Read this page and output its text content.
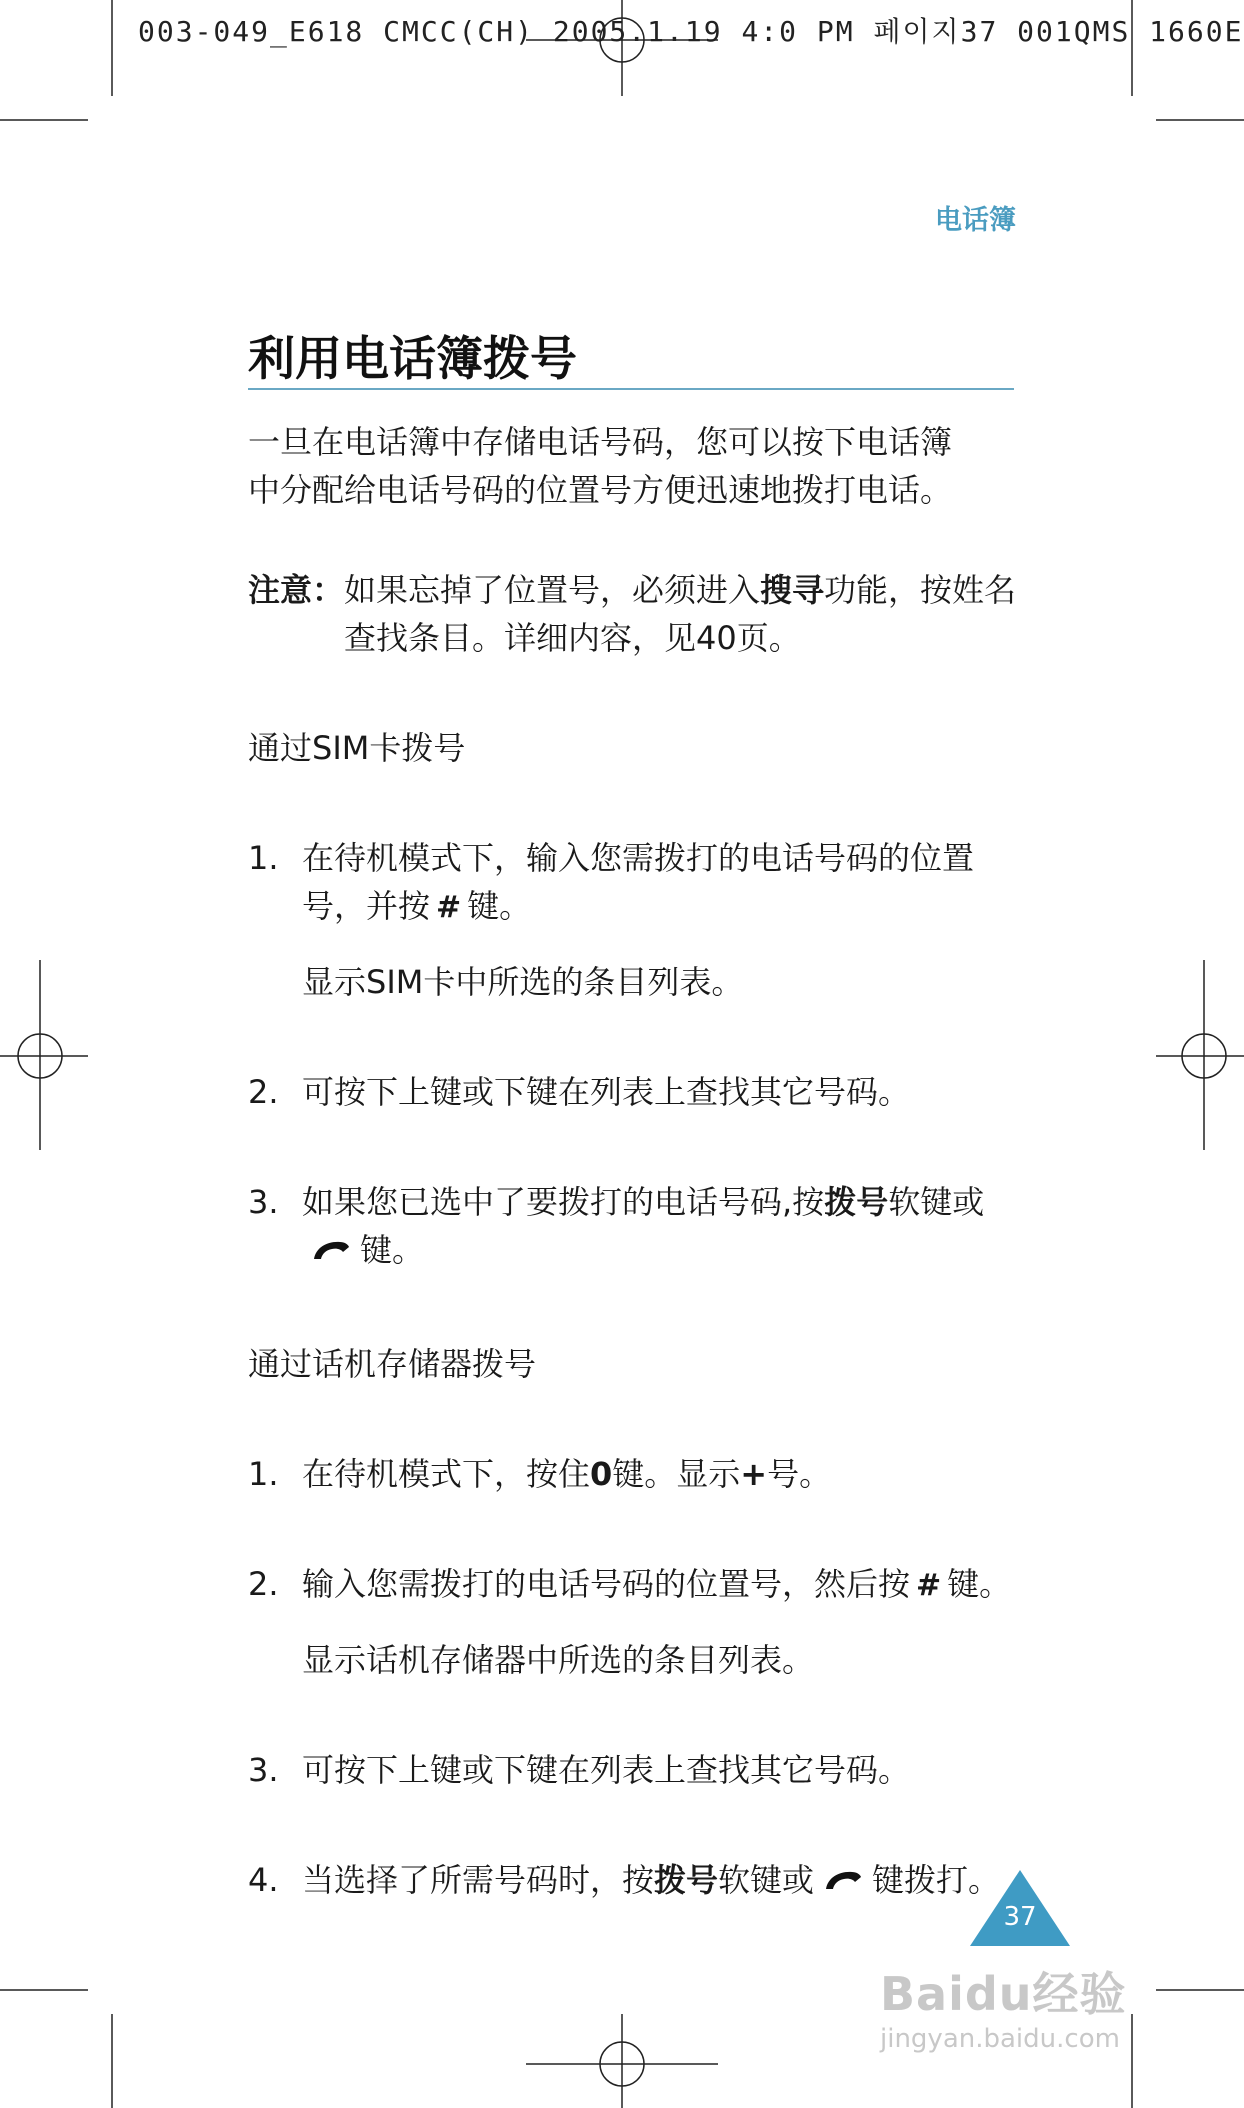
003-049_E618 CMCC(CH) 2005.1.19 4:0 PM 페이지37 001QMS 1660E
电话簿
利用电话簿拨号

一旦在电话簿中存储电话号码，您可以按下电话簿

中分配给电话号码的位置号方便迅速地拨打电话。

注意： 如果忘掉了位置号，必须进入搜寻功能，按姓名查找条目。详细内容，见40页。

通过SIM卡拨号

1. 在待机模式下，输入您需拨打的电话号码的位置号，并按 # 键。

显示SIM卡中所选的条目列表。

2. 可按下上键或下键在列表上查找其它号码。
3. 如果您已选中了要拨打的电话号码,按拨号软键或键。

通过话机存储器拨号

1. 在待机模式下，按住0键。显示+号。
2. 输入您需拨打的电话号码的位置号，然后按 # 键。

显示话机存储器中所选的条目列表。

3. 可按下上键或下键在列表上查找其它号码。
4. 当选择了所需号码时，按拨号软键或 键拨打。
37
Baidu经验
jingyan.baidu.com
